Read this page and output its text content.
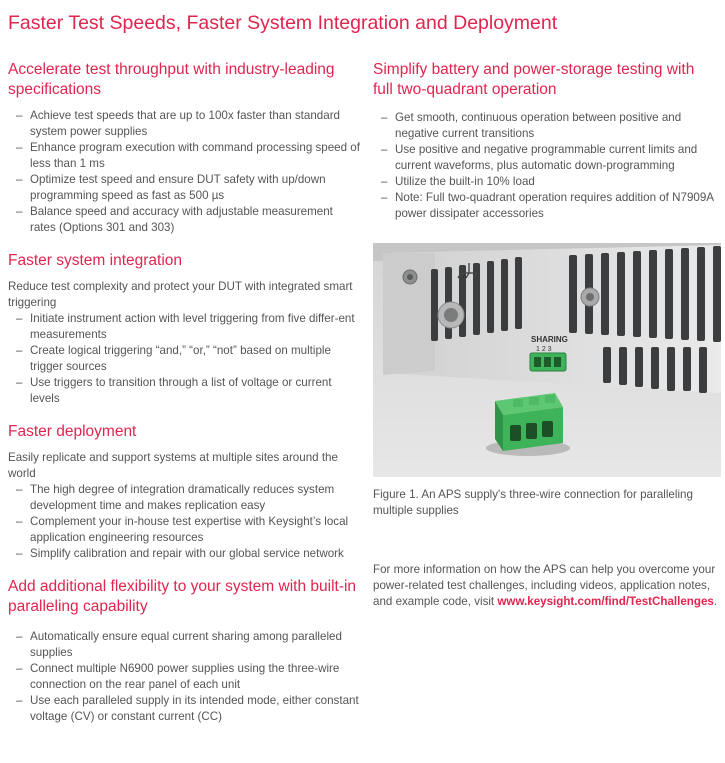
Faster Test Speeds, Faster System Integration and Deployment
Accelerate test throughput with industry-leading specifications
– Achieve test speeds that are up to 100x faster than standard system power supplies
– Enhance program execution with command processing speed of less than 1 ms
– Optimize test speed and ensure DUT safety with up/down programming speed as fast as 500 µs
– Balance speed and accuracy with adjustable measurement rates (Options 301 and 303)
Faster system integration

Reduce test complexity and protect your DUT with integrated smart triggering

– Initiate instrument action with level triggering from five differ-ent measurements
– Create logical triggering “and,” “or,” “not” based on multiple trigger sources
– Use triggers to transition through a list of voltage or current levels
Faster deployment

Easily replicate and support systems at multiple sites around the world

– The high degree of integration dramatically reduces system development time and makes replication easy
– Complement your in-house test expertise with Keysight’s local application engineering resources
– Simplify calibration and repair with our global service network
Add additional flexibility to your system with built-in paralleling capability
– Automatically ensure equal current sharing among paralleled supplies
– Connect multiple N6900 power supplies using the three-wire connection on the rear panel of each unit
– Use each paralleled supply in its intended mode, either constant voltage (CV) or constant current (CC)
Simplify battery and power-storage testing with full two-quadrant operation
– Get smooth, continuous operation between positive and negative current transitions
– Use positive and negative programmable current limits and current waveforms, plus automatic down-programming
– Utilize the built-in 10% load
– Note: Full two-quadrant operation requires addition of N7909A power dissipater accessories
SHARING
1 2 3
Figure 1. An APS supply's three-wire connection for paralleling multiple supplies
For more information on how the APS can help you overcome your power-related test challenges, including videos, application notes, and example code, visit www.keysight.com/find/TestChallenges.
